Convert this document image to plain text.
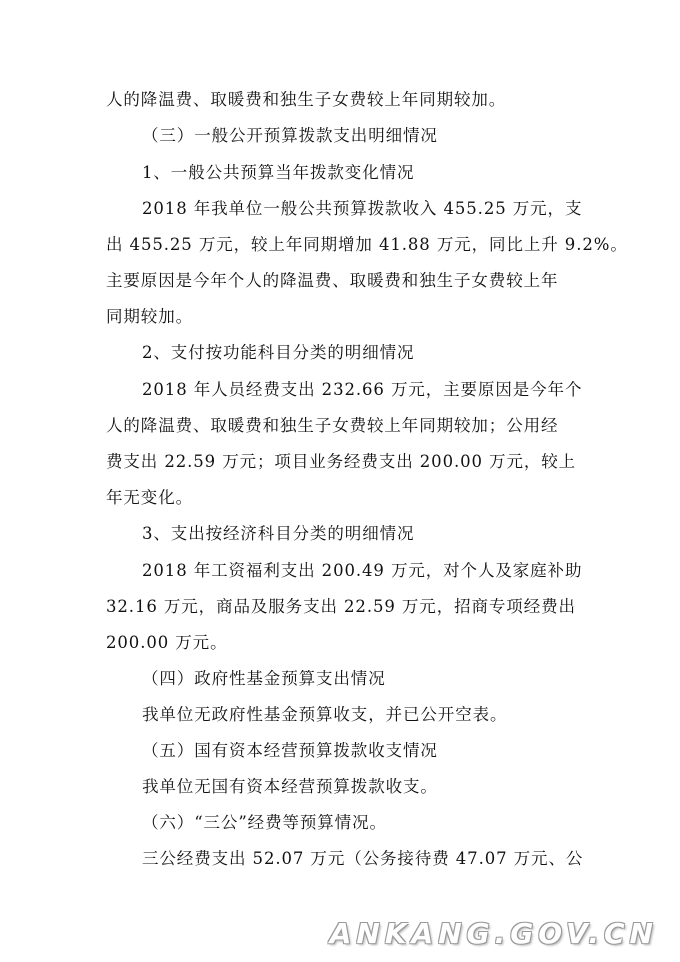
人的降温费、取暖费和独生子女费较上年同期较加。
（三）一般公开预算拨款支出明细情况
1、一般公共预算当年拨款变化情况
2018 年我单位一般公共预算拨款收入 455.25 万元，支
出 455.25 万元，较上年同期增加 41.88 万元，同比上升 9.2%。
主要原因是今年个人的降温费、取暖费和独生子女费较上年
同期较加。
2、支付按功能科目分类的明细情况
2018 年人员经费支出 232.66 万元，主要原因是今年个
人的降温费、取暖费和独生子女费较上年同期较加；公用经
费支出 22.59 万元；项目业务经费支出 200.00 万元，较上
年无变化。
3、支出按经济科目分类的明细情况
2018 年工资福利支出 200.49 万元，对个人及家庭补助
32.16 万元，商品及服务支出 22.59 万元，招商专项经费出
200.00 万元。
（四）政府性基金预算支出情况
我单位无政府性基金预算收支，并已公开空表。
（五）国有资本经营预算拨款收支情况
我单位无国有资本经营预算拨款收支。
（六）“三公”经费等预算情况。
三公经费支出 52.07 万元（公务接待费 47.07 万元、公
ANKANG.GOV.CN
